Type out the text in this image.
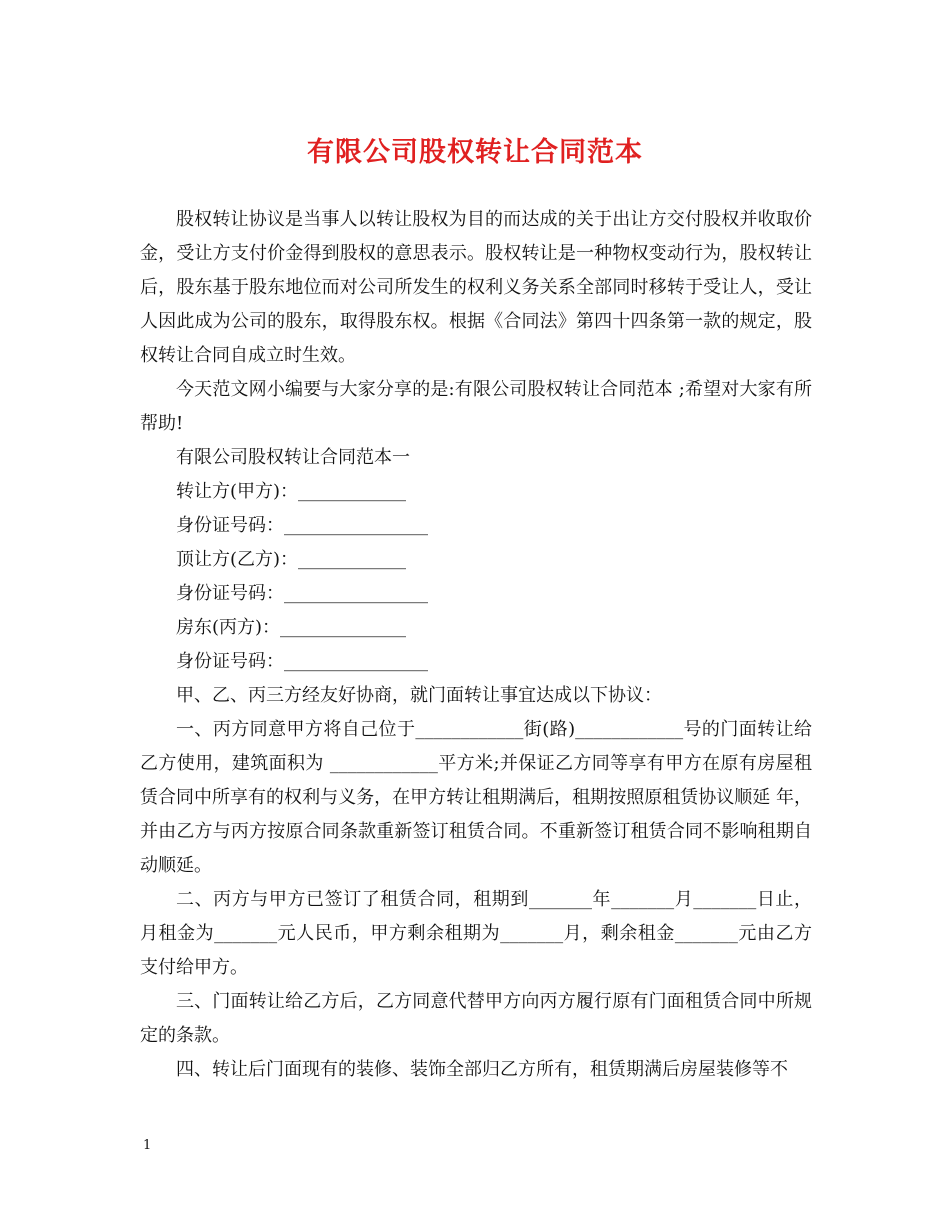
有限公司股权转让合同范本

股权转让协议是当事人以转让股权为目的而达成的关于出让方交付股权并收取价金，受让方支付价金得到股权的意思表示。股权转让是一种物权变动行为，股权转让后，股东基于股东地位而对公司所发生的权利义务关系全部同时移转于受让人，受让人因此成为公司的股东，取得股东权。根据《合同法》第四十四条第一款的规定，股权转让合同自成立时生效。

今天范文网小编要与大家分享的是:有限公司股权转让合同范本 ;希望对大家有所帮助!

有限公司股权转让合同范本一

转让方(甲方)：____________

身份证号码：________________

顶让方(乙方)：____________

身份证号码：________________

房东(丙方)：______________

身份证号码：________________

甲、乙、丙三方经友好协商，就门面转让事宜达成以下协议：

一、丙方同意甲方将自己位于____________街(路)____________号的门面转让给乙方使用，建筑面积为 ____________平方米;并保证乙方同等享有甲方在原有房屋租赁合同中所享有的权利与义务，在甲方转让租期满后，租期按照原租赁协议顺延 年，并由乙方与丙方按原合同条款重新签订租赁合同。不重新签订租赁合同不影响租期自动顺延。

二、丙方与甲方已签订了租赁合同，租期到_______年_______月_______日止，月租金为_______元人民币，甲方剩余租期为_______月，剩余租金_______元由乙方支付给甲方。

三、门面转让给乙方后，乙方同意代替甲方向丙方履行原有门面租赁合同中所规定的条款。

四、转让后门面现有的装修、装饰全部归乙方所有，租赁期满后房屋装修等不

1
